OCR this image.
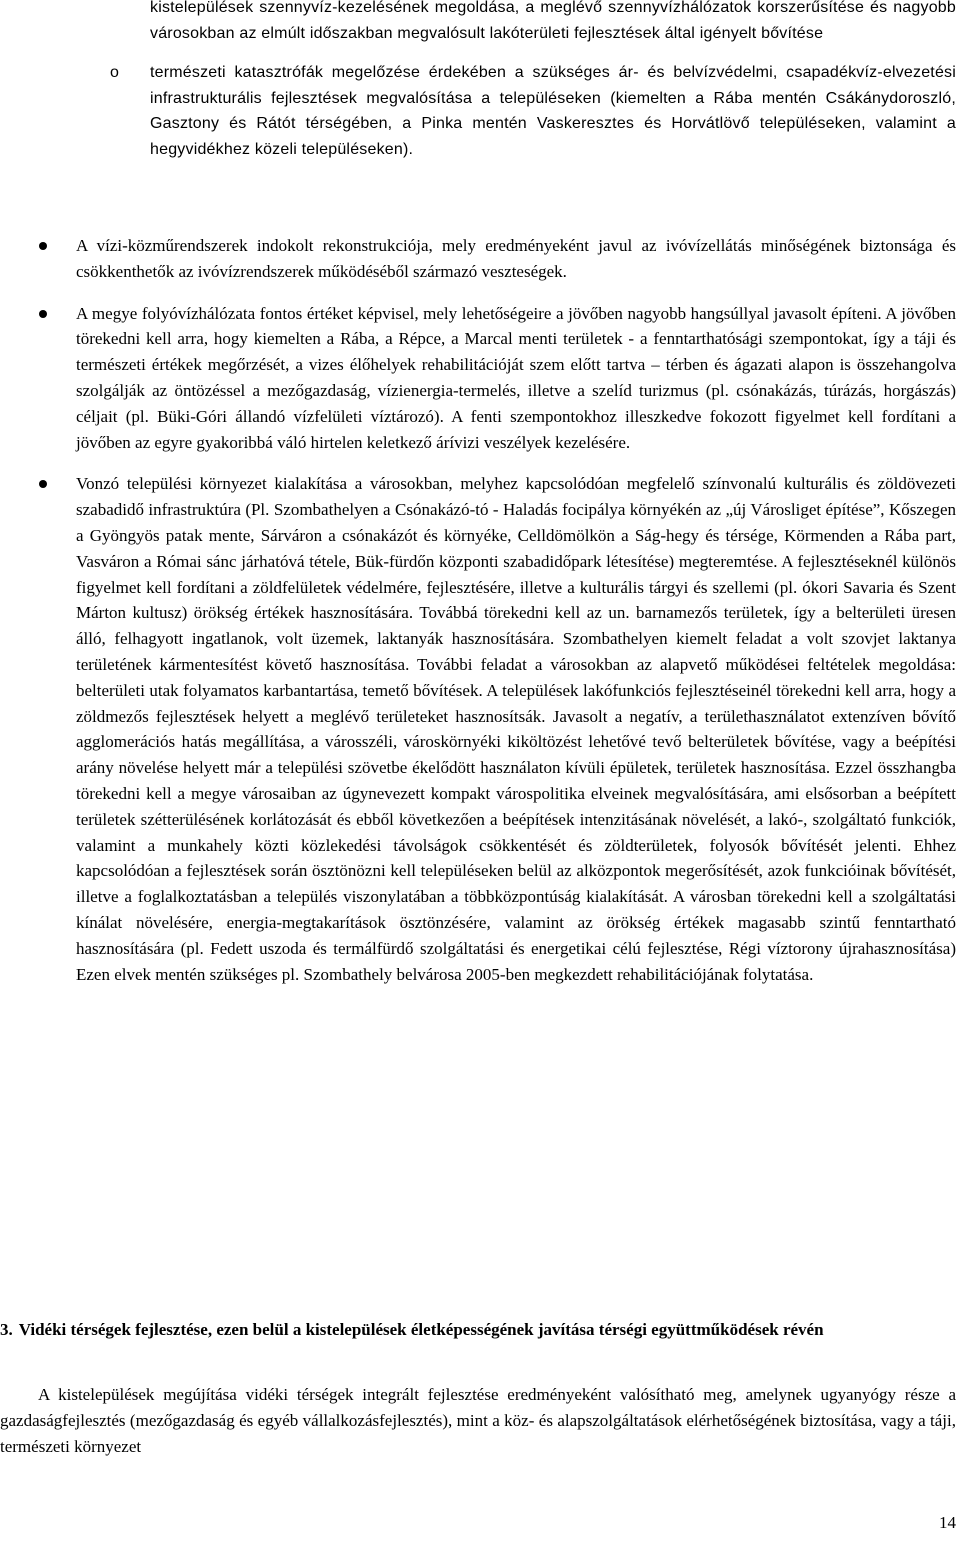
kistelepülések szennyvíz-kezelésének megoldása, a meglévő szennyvízhálózatok korszerűsítése és nagyobb városokban az elmúlt időszakban megvalósult lakóterületi fejlesztések által igényelt bővítése
o természeti katasztrófák megelőzése érdekében a szükséges ár- és belvízvédelmi, csapadékvíz-elvezetési infrastrukturális fejlesztések megvalósítása a településeken (kiemelten a Rába mentén Csákánydoroszló, Gasztony és Rátót térségében, a Pinka mentén Vaskeresztes és Horvátlövő településeken, valamint a hegyvidékhez közeli településeken).
A vízi-közműrendszerek indokolt rekonstrukciója, mely eredményeként javul az ivóvízellátás minőségének biztonsága és csökkenthetők az ivóvízrendszerek működéséből származó veszteségek.
A megye folyóvízhálózata fontos értéket képvisel, mely lehetőségeire a jövőben nagyobb hangsúllyal javasolt építeni. A jövőben törekedni kell arra, hogy kiemelten a Rába, a Répce, a Marcal menti területek - a fenntarthatósági szempontokat, így a táji és természeti értékek megőrzését, a vizes élőhelyek rehabilitációját szem előtt tartva – térben és ágazati alapon is összehangolva szolgálják az öntözéssel a mezőgazdaság, vízienergia-termelés, illetve a szelíd turizmus (pl. csónakázás, túrázás, horgászás) céljait (pl. Büki-Góri állandó vízfelületi víztározó). A fenti szempontokhoz illeszkedve fokozott figyelmet kell fordítani a jövőben az egyre gyakoribbá váló hirtelen keletkező árívizi veszélyek kezelésére.
Vonzó települési környezet kialakítása a városokban, melyhez kapcsolódóan megfelelő színvonalú kulturális és zöldövezeti szabadidő infrastruktúra (Pl. Szombathelyen a Csónakázó-tó - Haladás focipálya környékén az „új Városliget építése”, Kőszegen a Gyöngyös patak mente, Sárváron a csónakázót és környéke, Celldömölkön a Ság-hegy és térsége, Körmenden a Rába part, Vasváron a Római sánc járhatóvá tétele, Bük-fürdőn központi szabadidőpark létesítése) megteremtése. A fejlesztéseknél különös figyelmet kell fordítani a zöldfelületek védelmére, fejlesztésére, illetve a kulturális tárgyi és szellemi (pl. ókori Savaria és Szent Márton kultusz) örökség értékek hasznosítására. Továbbá törekedni kell az un. barnamezős területek, így a belterületi üresen álló, felhagyott ingatlanok, volt üzemek, laktanyák hasznosítására. Szombathelyen kiemelt feladat a volt szovjet laktanya területének kármentesítést követő hasznosítása. További feladat a városokban az alapvető működései feltételek megoldása: belterületi utak folyamatos karbantartása, temető bővítések. A települések lakófunkciós fejlesztéseinél törekedni kell arra, hogy a zöldmezős fejlesztések helyett a meglévő területeket hasznosítsák. Javasolt a negatív, a területhasználatot extenzíven bővítő agglomerációs hatás megállítása, a városszéli, városkörnyéki kiköltözést lehetővé tevő belterületek bővítése, vagy a beépítési arány növelése helyett már a települési szövetbe ékelődött használaton kívüli épületek, területek hasznosítása. Ezzel összhangba törekedni kell a megye városaiban az úgynevezett kompakt várospolitika elveinek megvalósítására, ami elsősorban a beépített területek szétterülésének korlátozását és ebből következően a beépítések intenzitásának növelését, a lakó-, szolgáltató funkciók, valamint a munkahely közti közlekedési távolságok csökkentését és zöldterületek, folyosók bővítését jelenti. Ehhez kapcsolódóan a fejlesztések során ösztönözni kell településeken belül az alközpontok megerősítését, azok funkcióinak bővítését, illetve a foglalkoztatásban a település viszonylatában a többközpontúság kialakítását. A városban törekedni kell a szolgáltatási kínálat növelésére, energia-megtakarítások ösztönzésére, valamint az örökség értékek magasabb szintű fenntartható hasznosítására (pl. Fedett uszoda és termálfürdő szolgáltatási és energetikai célú fejlesztése, Régi víztorony újrahasznosítása) Ezen elvek mentén szükséges pl. Szombathely belvárosa 2005-ben megkezdett rehabilitációjának folytatása.
3. Vidéki térségek fejlesztése, ezen belül a kistelepülések életképességének javítása térségi együttműködések révén
A kistelepülések megújítása vidéki térségek integrált fejlesztése eredményeként valósítható meg, amelynek ugyanyógy része a gazdaságfejlesztés (mezőgazdaság és egyéb vállalkozásfejlesztés), mint a köz- és alapszolgáltatások elérhetőségének biztosítása, vagy a táji, természeti környezet
14
